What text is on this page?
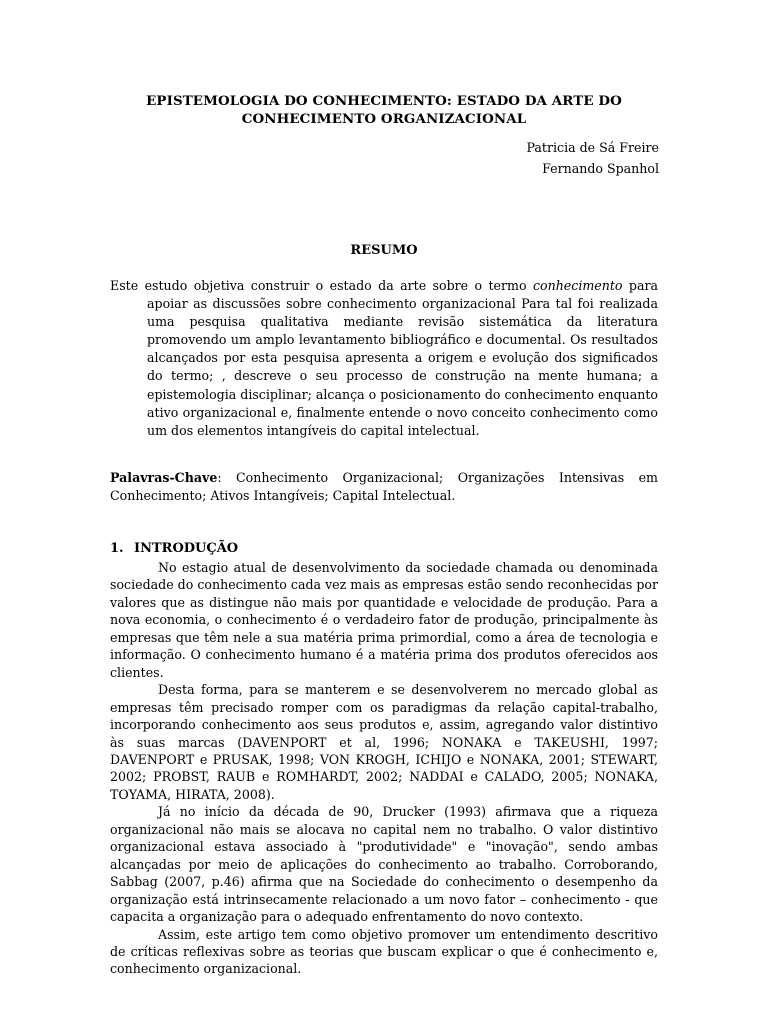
EPISTEMOLOGIA DO CONHECIMENTO: ESTADO DA ARTE DO
CONHECIMENTO ORGANIZACIONAL
Patricia de Sá Freire
Fernando Spanhol
RESUMO

Este estudo objetiva construir o estado da arte sobre o termo conhecimento para apoiar as discussões sobre conhecimento organizacional Para tal foi realizada uma pesquisa qualitativa mediante revisão sistemática da literatura promovendo um amplo levantamento bibliográfico e documental. Os resultados alcançados por esta pesquisa apresenta a origem e evolução dos significados do termo; , descreve o seu processo de construção na mente humana; a epistemologia disciplinar; alcança o posicionamento do conhecimento enquanto ativo organizacional e, finalmente entende o novo conceito conhecimento como um dos elementos intangíveis do capital intelectual.

Palavras-Chave: Conhecimento Organizacional; Organizações Intensivas em Conhecimento; Ativos Intangíveis; Capital Intelectual.

1. INTRODUÇÃO

No estagio atual de desenvolvimento da sociedade chamada ou denominada sociedade do conhecimento cada vez mais as empresas estão sendo reconhecidas por valores que as distingue não mais por quantidade e velocidade de produção. Para a nova economia, o conhecimento é o verdadeiro fator de produção, principalmente às empresas que têm nele a sua matéria prima primordial, como a área de tecnologia e informação. O conhecimento humano é a matéria prima dos produtos oferecidos aos clientes.

Desta forma, para se manterem e se desenvolverem no mercado global as empresas têm precisado romper com os paradigmas da relação capital-trabalho, incorporando conhecimento aos seus produtos e, assim, agregando valor distintivo às suas marcas (DAVENPORT et al, 1996; NONAKA e TAKEUSHI, 1997; DAVENPORT e PRUSAK, 1998; VON KROGH, ICHIJO e NONAKA, 2001; STEWART, 2002; PROBST, RAUB e ROMHARDT, 2002; NADDAI e CALADO, 2005; NONAKA, TOYAMA, HIRATA, 2008).

Já no início da década de 90, Drucker (1993) afirmava que a riqueza organizacional não mais se alocava no capital nem no trabalho. O valor distintivo organizacional estava associado à "produtividade" e "inovação", sendo ambas alcançadas por meio de aplicações do conhecimento ao trabalho. Corroborando, Sabbag (2007, p.46) afirma que na Sociedade do conhecimento o desempenho da organização está intrinsecamente relacionado a um novo fator – conhecimento - que capacita a organização para o adequado enfrentamento do novo contexto.

Assim, este artigo tem como objetivo promover um entendimento descritivo de críticas reflexivas sobre as teorias que buscam explicar o que é conhecimento e, conhecimento organizacional.
